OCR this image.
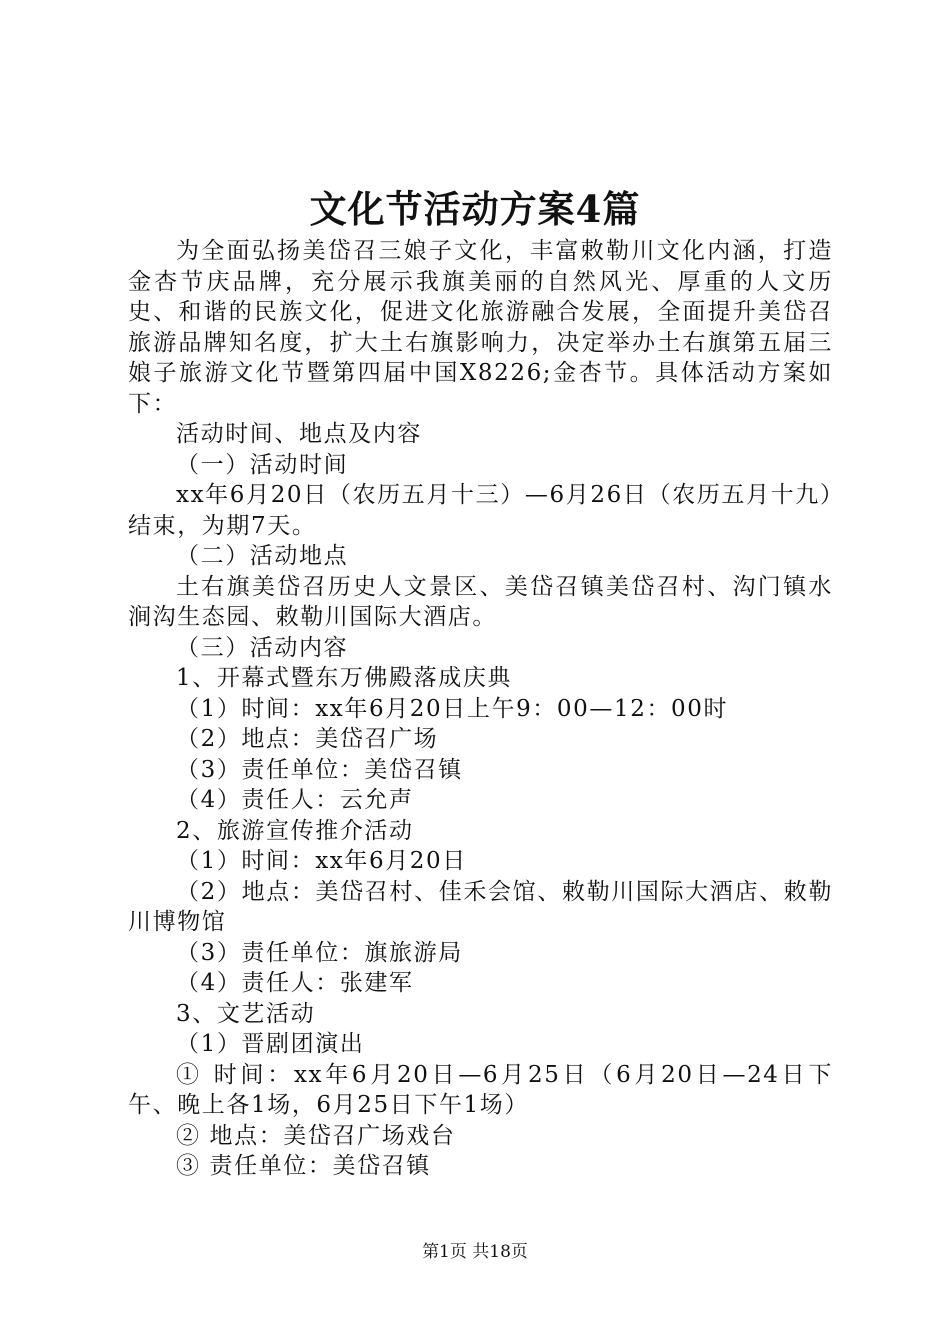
文化节活动方案4篇

为全面弘扬美岱召三娘子文化，丰富敕勒川文化内涵，打造金杏节庆品牌，充分展示我旗美丽的自然风光、厚重的人文历史、和谐的民族文化，促进文化旅游融合发展，全面提升美岱召旅游品牌知名度，扩大土右旗影响力，决定举办土右旗第五届三娘子旅游文化节暨第四届中国X8226;金杏节。具体活动方案如下：

活动时间、地点及内容

（一）活动时间

xx年6月20日（农历五月十三）—6月26日（农历五月十九）结束，为期7天。

（二）活动地点

土右旗美岱召历史人文景区、美岱召镇美岱召村、沟门镇水涧沟生态园、敕勒川国际大酒店。

（三）活动内容

1、开幕式暨东万佛殿落成庆典

（1）时间：xx年6月20日上午9：00—12：00时

（2）地点：美岱召广场

（3）责任单位：美岱召镇

（4）责任人：云允声

2、旅游宣传推介活动

（1）时间：xx年6月20日

（2）地点：美岱召村、佳禾会馆、敕勒川国际大酒店、敕勒川博物馆

（3）责任单位：旗旅游局

（4）责任人：张建军

3、文艺活动

（1）晋剧团演出

① 时间：xx年6月20日—6月25日（6月20日—24日下午、晚上各1场，6月25日下午1场）

② 地点：美岱召广场戏台

③ 责任单位：美岱召镇

第1页 共18页
